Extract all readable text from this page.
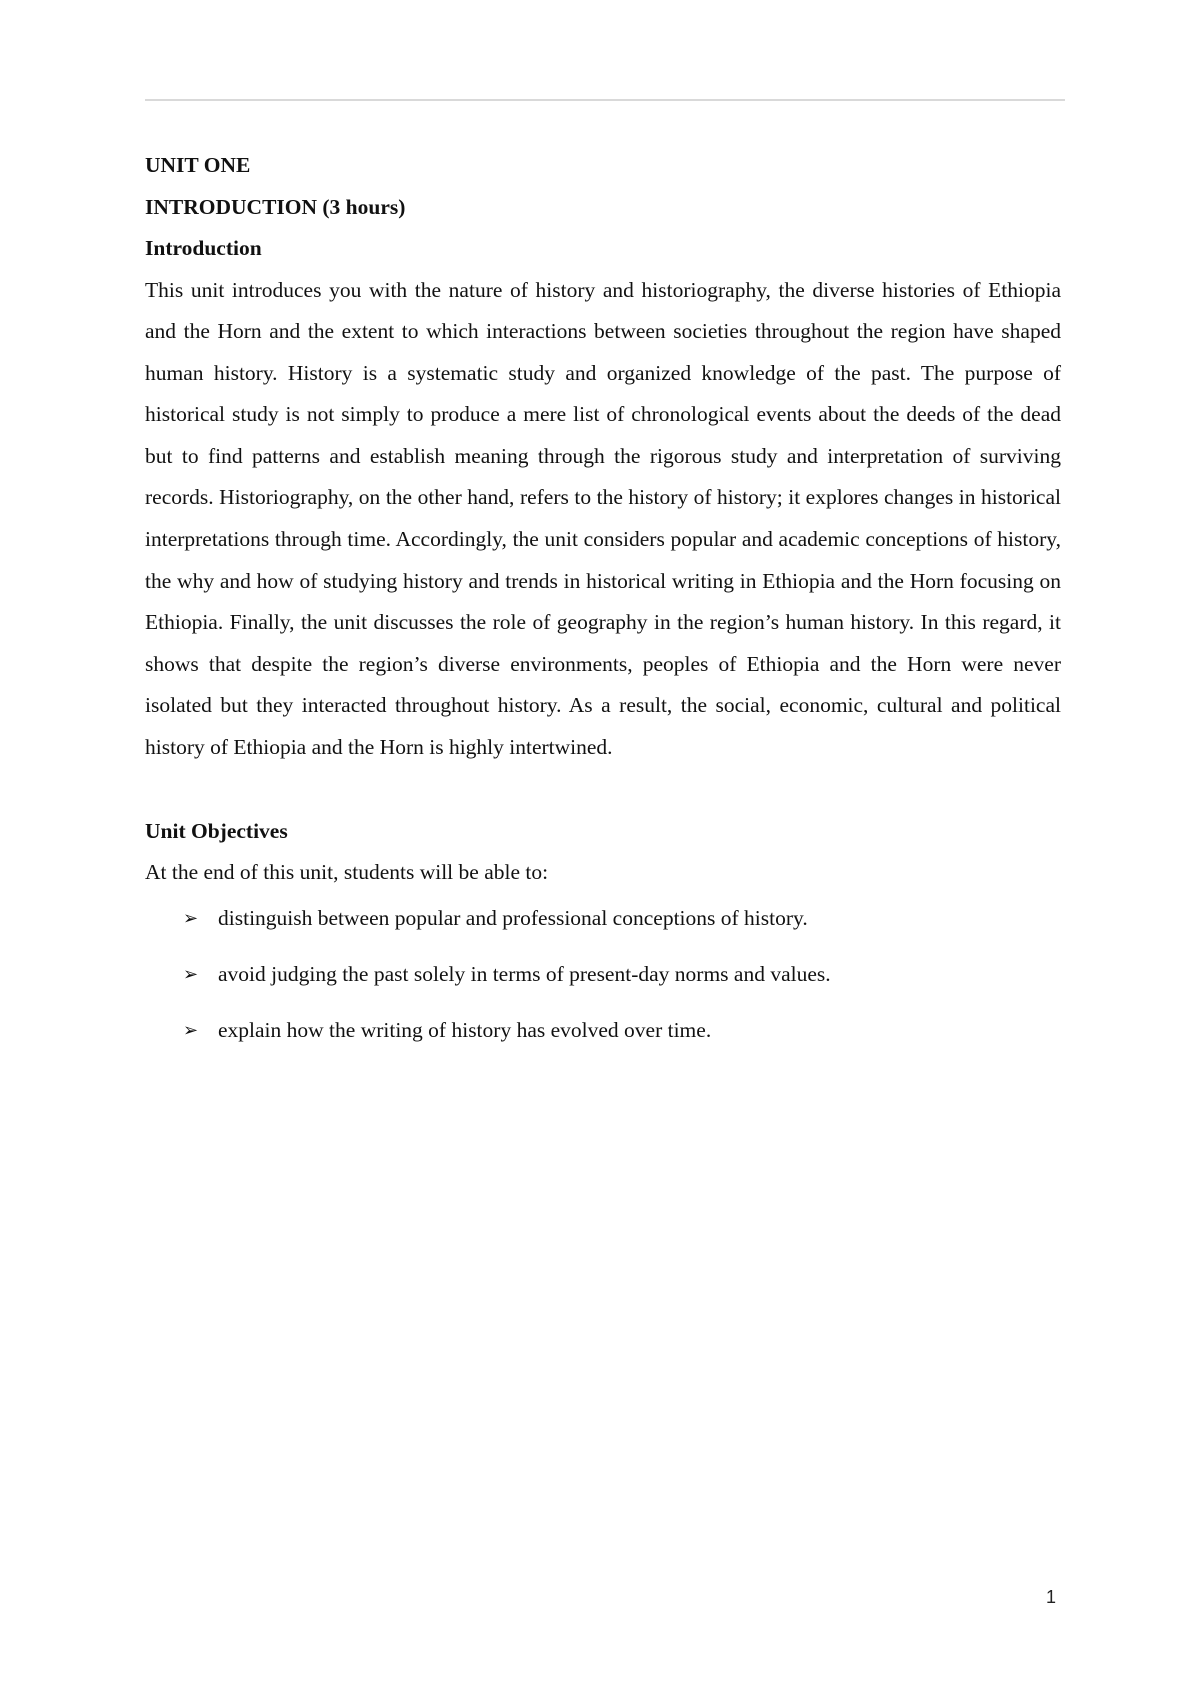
UNIT ONE

INTRODUCTION (3 hours)

Introduction

This unit introduces you with the nature of history and historiography, the diverse histories of Ethiopia and the Horn and the extent to which interactions between societies throughout the region have shaped human history. History is a systematic study and organized knowledge of the past. The purpose of historical study is not simply to produce a mere list of chronological events about the deeds of the dead but to find patterns and establish meaning through the rigorous study and interpretation of surviving records. Historiography, on the other hand, refers to the history of history; it explores changes in historical interpretations through time. Accordingly, the unit considers popular and academic conceptions of history, the why and how of studying history and trends in historical writing in Ethiopia and the Horn focusing on Ethiopia. Finally, the unit discusses the role of geography in the region’s human history. In this regard, it shows that despite the region’s diverse environments, peoples of Ethiopia and the Horn were never isolated but they interacted throughout history. As a result, the social, economic, cultural and political history of Ethiopia and the Horn is highly intertwined.

Unit Objectives

At the end of this unit, students will be able to:

➢ distinguish between popular and professional conceptions of history.
➢ avoid judging the past solely in terms of present-day norms and values.
➢ explain how the writing of history has evolved over time.
1
